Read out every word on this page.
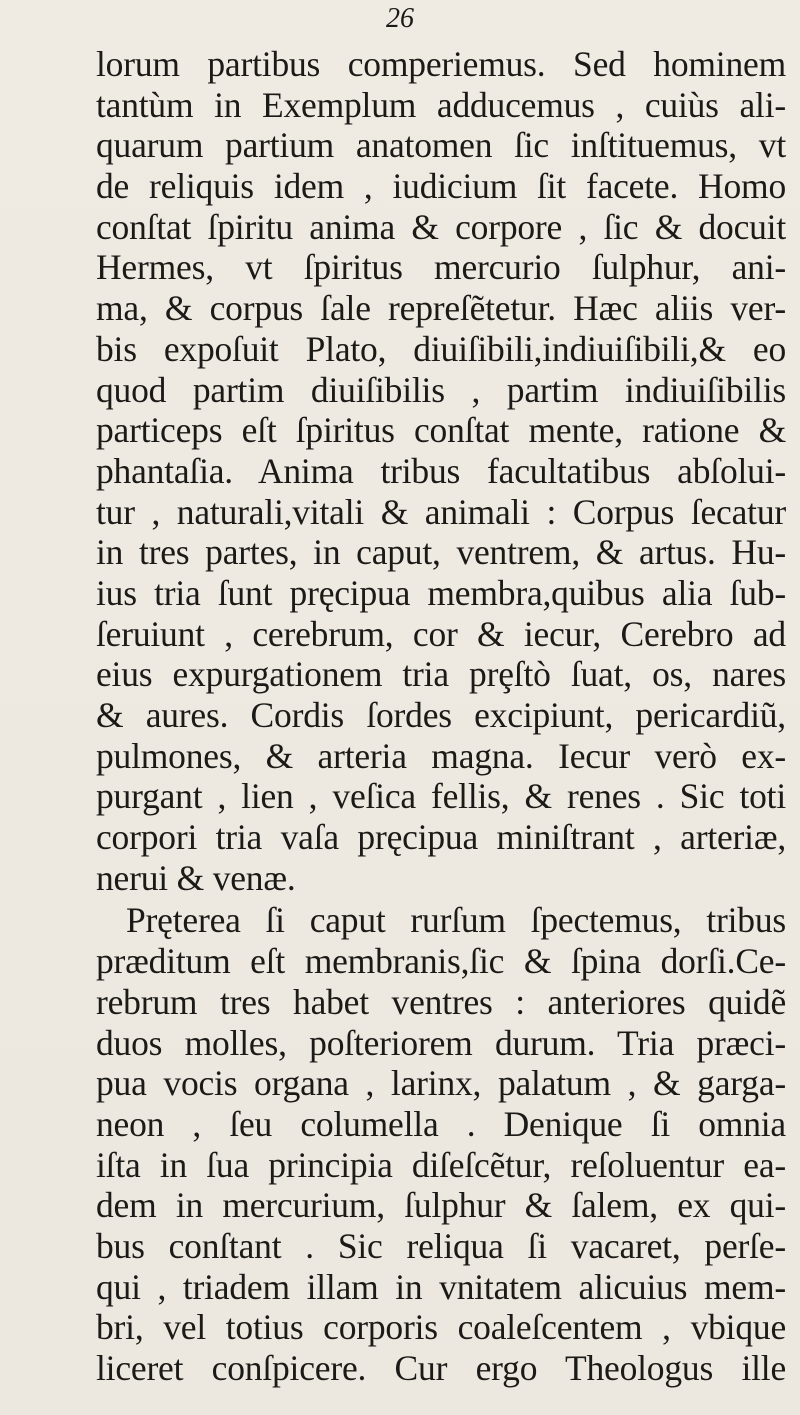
26
lorum partibus comperiemus. Sed hominem
tantùm in Exemplum adducemus , cuiùs ali-
quarum partium anatomen ſic inſtituemus, vt
de reliquis idem , iudicium ſit facete. Homo
conſtat ſpiritu anima & corpore , ſic & docuit
Hermes, vt ſpiritus mercurio ſulphur, ani-
ma, & corpus ſale repreſẽtetur. Hæc aliis ver-
bis expoſuit Plato, diuiſibili,indiuiſibili,& eo
quod partim diuiſibilis , partim indiuiſibilis
particeps eſt ſpiritus conſtat mente, ratione &
phantaſia. Anima tribus facultatibus abſolui-
tur , naturali,vitali & animali : Corpus ſecatur
in tres partes, in caput, ventrem, & artus. Hu-
ius tria ſunt pręcipua membra,quibus alia ſub-
ſeruiunt , cerebrum, cor & iecur, Cerebro ad
eius expurgationem tria prȩſtò ſuat, os, nares
& aures. Cordis ſordes excipiunt, pericardiũ,
pulmones, & arteria magna. Iecur verò ex-
purgant , lien , veſica fellis, & renes . Sic toti
corpori tria vaſa pręcipua miniſtrant , arteriæ,
nerui & venæ.
Pręterea ſi caput rurſum ſpectemus, tribus
præditum eſt membranis,ſic & ſpina dorſi.Ce-
rebrum tres habet ventres : anteriores quidẽ
duos molles, poſteriorem durum. Tria præci-
pua vocis organa , larinx, palatum , & garga-
neon , ſeu columella . Denique ſi omnia
iſta in ſua principia diſeſcẽtur, reſoluentur ea-
dem in mercurium, ſulphur & ſalem, ex qui-
bus conſtant . Sic reliqua ſi vacaret, perſe-
qui , triadem illam in vnitatem alicuius mem-
bri, vel totius corporis coaleſcentem , vbique
liceret conſpicere. Cur ergo Theologus ille
